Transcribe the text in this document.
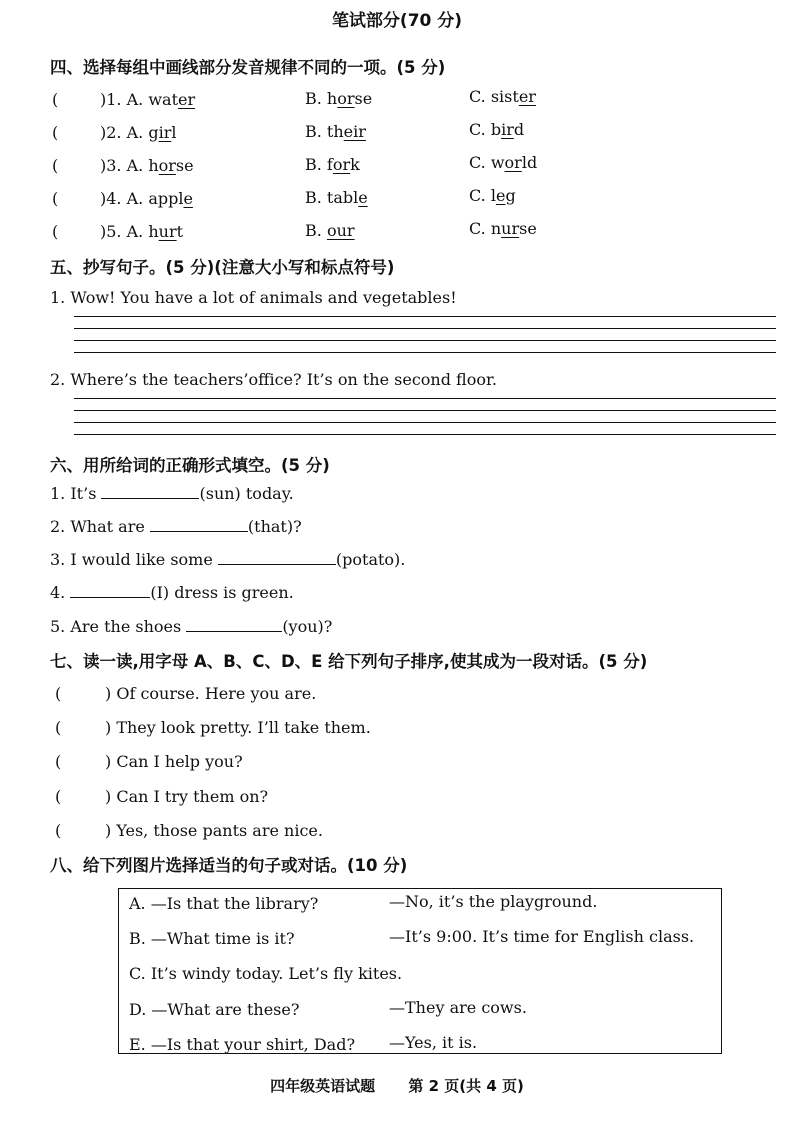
笔试部分(70 分)
四、选择每组中画线部分发音规律不同的一项。(5 分)
(	)1. A. water	B. horse	C. sister
(	)2. A. girl	B. their	C. bird
(	)3. A. horse	B. fork	C. world
(	)4. A. apple	B. table	C. leg
(	)5. A. hurt	B. our	C. nurse
五、抄写句子。(5 分)(注意大小写和标点符号)
1. Wow! You have a lot of animals and vegetables!
2. Where’s the teachers’office? It’s on the second floor.
六、用所给词的正确形式填空。(5 分)
1. It’s	(sun) today.
2. What are	(that)?
3. I would like some	(potato).
4.	(I) dress is green.
5. Are the shoes	(you)?
七、读一读,用字母 A、B、C、D、E 给下列句子排序,使其成为一段对话。(5 分)
(	) Of course. Here you are.
(	) They look pretty. I’ll take them.
(	) Can I help you?
(	) Can I try them on?
(	) Yes, those pants are nice.
八、给下列图片选择适当的句子或对话。(10 分)
A. —Is that the library?	—No, it’s the playground.
B. —What time is it?	—It’s 9:00. It’s time for English class.
C. It’s windy today. Let’s fly kites.
D. —What are these?	—They are cows.
E. —Is that your shirt, Dad? —Yes, it is.
四年级英语试题 第 2 页(共 4 页)
